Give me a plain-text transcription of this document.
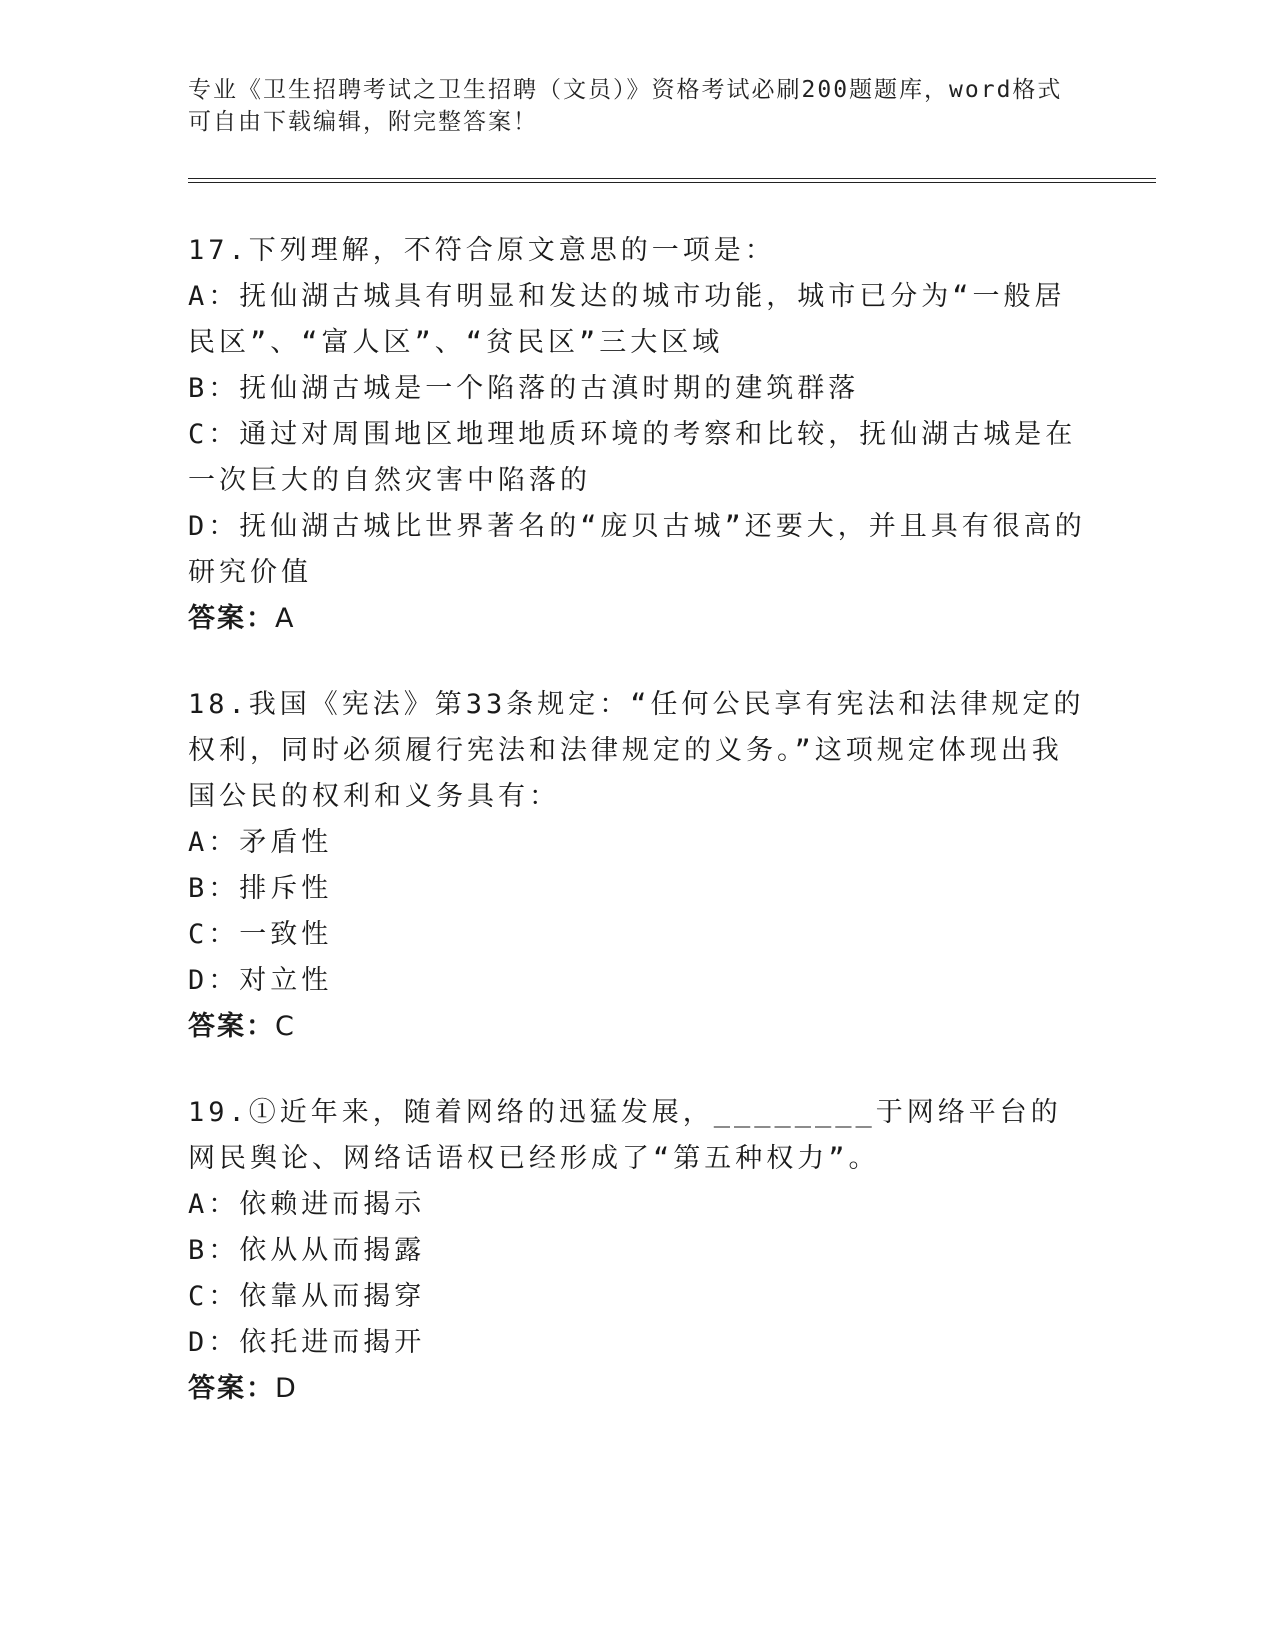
专业《卫生招聘考试之卫生招聘（文员）》资格考试必刷200题题库，word格式可自由下载编辑，附完整答案！
17.下列理解，不符合原文意思的一项是：
A：抚仙湖古城具有明显和发达的城市功能，城市已分为“一般居民区”、“富人区”、“贫民区”三大区域
B：抚仙湖古城是一个陷落的古滇时期的建筑群落
C：通过对周围地区地理地质环境的考察和比较，抚仙湖古城是在一次巨大的自然灾害中陷落的
D：抚仙湖古城比世界著名的“庞贝古城”还要大，并且具有很高的研究价值
答案：A
18.我国《宪法》第33条规定：“任何公民享有宪法和法律规定的权利，同时必须履行宪法和法律规定的义务。”这项规定体现出我国公民的权利和义务具有：
A：矛盾性
B：排斥性
C：一致性
D：对立性
答案：C
19.①近年来，随着网络的迅猛发展，________于网络平台的网民舆论、网络话语权已经形成了“第五种权力”。
A：依赖进而揭示
B：依从从而揭露
C：依靠从而揭穿
D：依托进而揭开
答案：D
